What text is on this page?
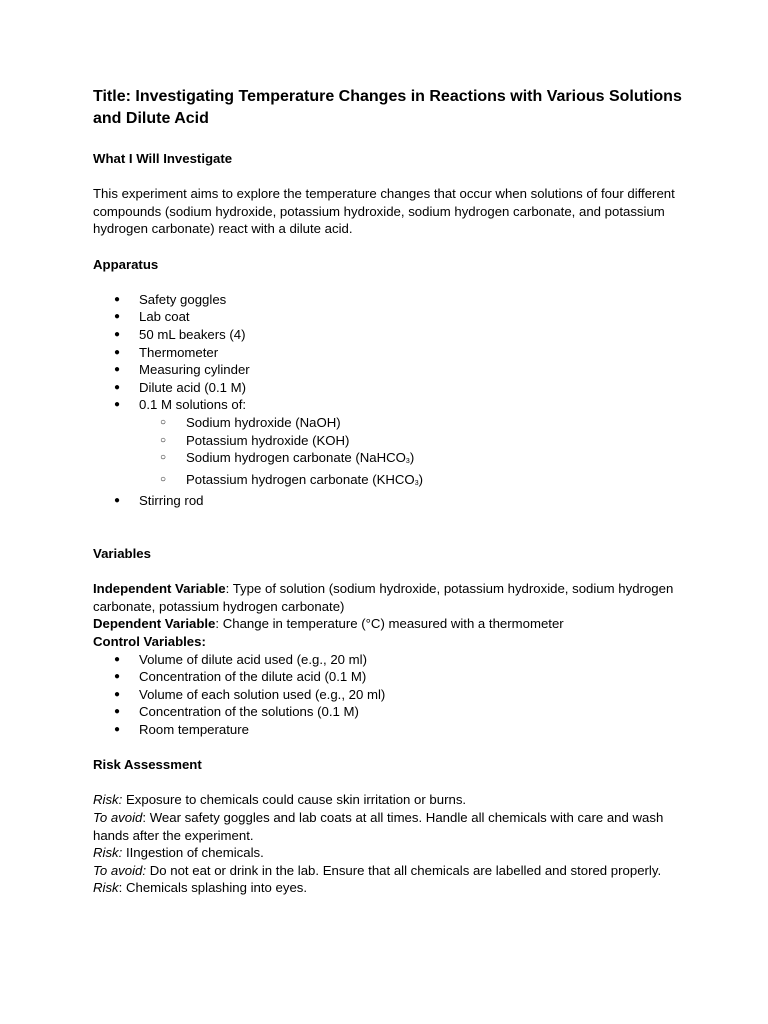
Title: Investigating Temperature Changes in Reactions with Various Solutions and Dilute Acid

What I Will Investigate

This experiment aims to explore the temperature changes that occur when solutions of four different compounds (sodium hydroxide, potassium hydroxide, sodium hydrogen carbonate, and potassium hydrogen carbonate) react with a dilute acid.

Apparatus

● Safety goggles
● Lab coat
● 50 mL beakers (4)
● Thermometer
● Measuring cylinder
● Dilute acid (0.1 M)
● 0.1 M solutions of:
○ Sodium hydroxide (NaOH)
○ Potassium hydroxide (KOH)
○ Sodium hydrogen carbonate (NaHCO3)
○ Potassium hydrogen carbonate (KHCO3)
● Stirring rod

Variables

Independent Variable: Type of solution (sodium hydroxide, potassium hydroxide, sodium hydrogen carbonate, potassium hydrogen carbonate)

Dependent Variable: Change in temperature (°C) measured with a thermometer

Control Variables:

● Volume of dilute acid used (e.g., 20 ml)
● Concentration of the dilute acid (0.1 M)
● Volume of each solution used (e.g., 20 ml)
● Concentration of the solutions (0.1 M)
● Room temperature

Risk Assessment

Risk: Exposure to chemicals could cause skin irritation or burns.

To avoid: Wear safety goggles and lab coats at all times. Handle all chemicals with care and wash hands after the experiment.

Risk: IIngestion of chemicals.

To avoid: Do not eat or drink in the lab. Ensure that all chemicals are labelled and stored properly.

Risk: Chemicals splashing into eyes.
